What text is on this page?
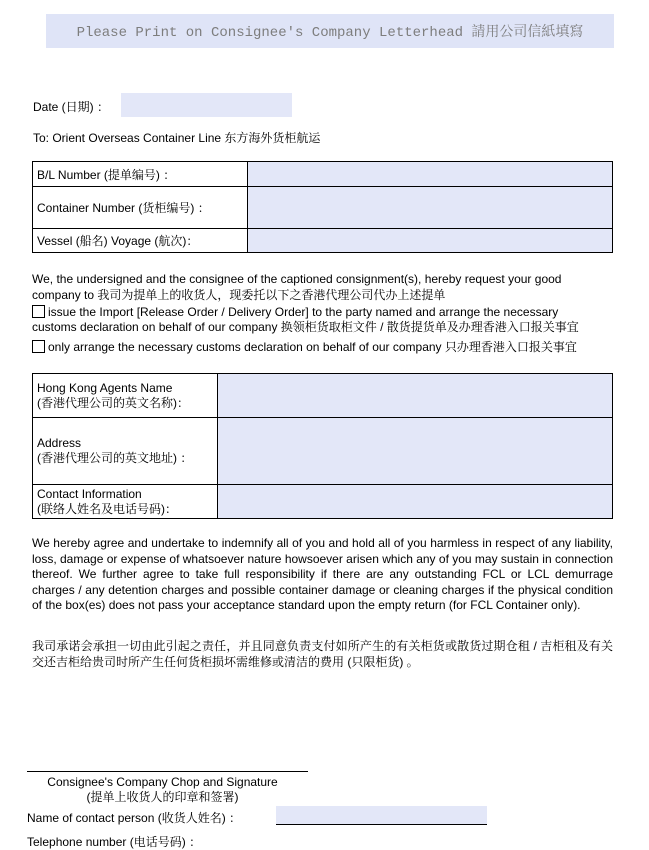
Please Print on Consignee's Company Letterhead 請用公司信紙填寫
Date (日期) ：
To: Orient Overseas Container Line 东方海外货柜航运
B/L Number (提单编号) ：	
Container Number (货柜编号) ：	
Vessel (船名) Voyage (航次)：	
We, the undersigned and the consignee of the captioned consignment(s), hereby request your good
company to 我司为提单上的收货人，现委托以下之香港代理公司代办上述提单
issue the Import [Release Order / Delivery Order] to the party named and arrange the necessary
customs declaration on behalf of our company 换领柜货取柜文件 / 散货提货单及办理香港入口报关事宜
only arrange the necessary customs declaration on behalf of our company 只办理香港入口报关事宜
Hong Kong Agents Name
(香港代理公司的英文名称)：	

Address
(香港代理公司的英文地址) ：	

Contact Information
(联络人姓名及电话号码)：	

We hereby agree and undertake to indemnify all of you and hold all of you harmless in respect of any liability, loss, damage or expense of whatsoever nature howsoever arisen which any of you may sustain in connection thereof. We further agree to take full responsibility if there are any outstanding FCL or LCL demurrage charges / any detention charges and possible container damage or cleaning charges if the physical condition of the box(es) does not pass your acceptance standard upon the empty return (for FCL Container only).
我司承诺会承担一切由此引起之责任，并且同意负责支付如所产生的有关柜货或散货过期仓租 / 吉柜租及有关交还吉柜给贵司时所产生任何货柜损坏需维修或清洁的费用 (只限柜货) 。
Consignee's Company Chop and Signature
(提单上收货人的印章和签署)
Name of contact person (收货人姓名) ：
Telephone number (电话号码) ：
